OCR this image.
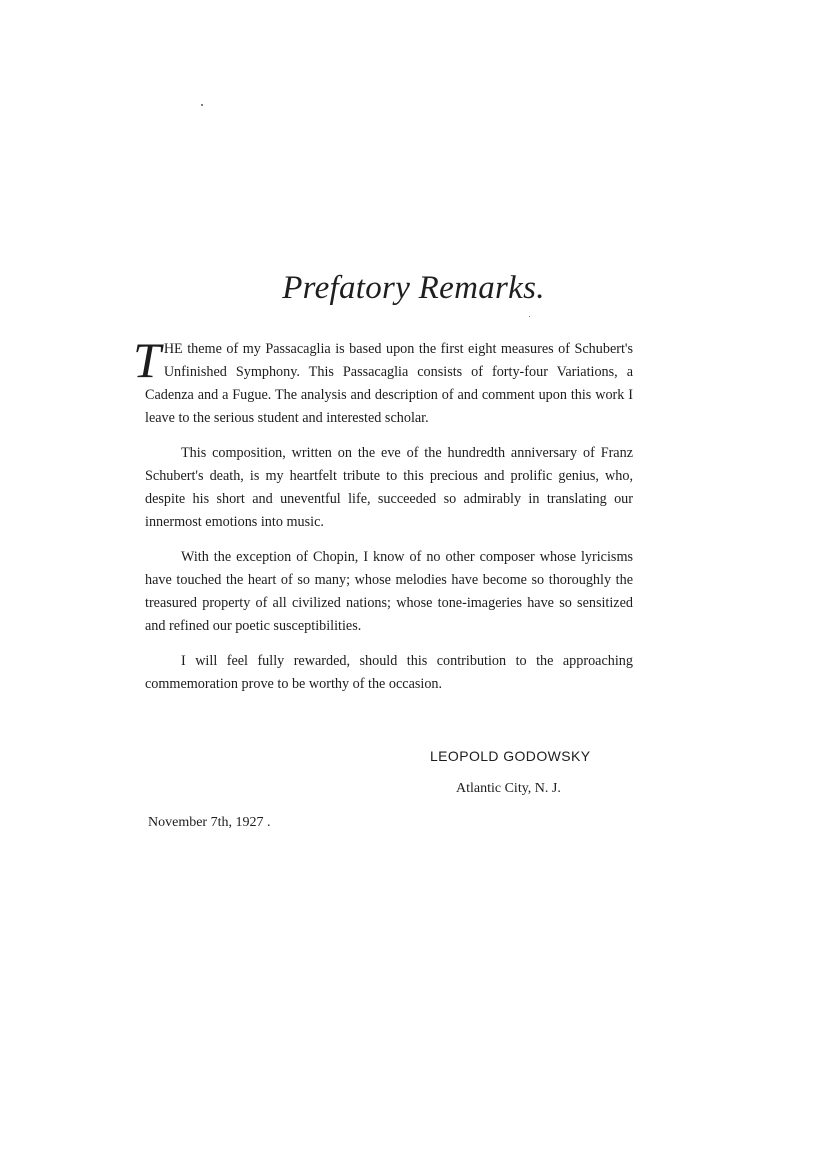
Prefatory Remarks.

THE theme of my Passacaglia is based upon the first eight measures of Schubert's Unfinished Symphony. This Passacaglia consists of forty-four Variations, a Cadenza and a Fugue. The analysis and description of and comment upon this work I leave to the serious student and interested scholar.

This composition, written on the eve of the hundredth anniversary of Franz Schubert's death, is my heartfelt tribute to this precious and prolific genius, who, despite his short and uneventful life, succeeded so admirably in translating our innermost emotions into music.

With the exception of Chopin, I know of no other composer whose lyricisms have touched the heart of so many; whose melodies have become so thoroughly the treasured property of all civilized nations; whose tone-imageries have so sensitized and refined our poetic susceptibilities.

I will feel fully rewarded, should this contribution to the approaching commemoration prove to be worthy of the occasion.

LEOPOLD GODOWSKY
Atlantic City, N. J.
November 7th, 1927 .
